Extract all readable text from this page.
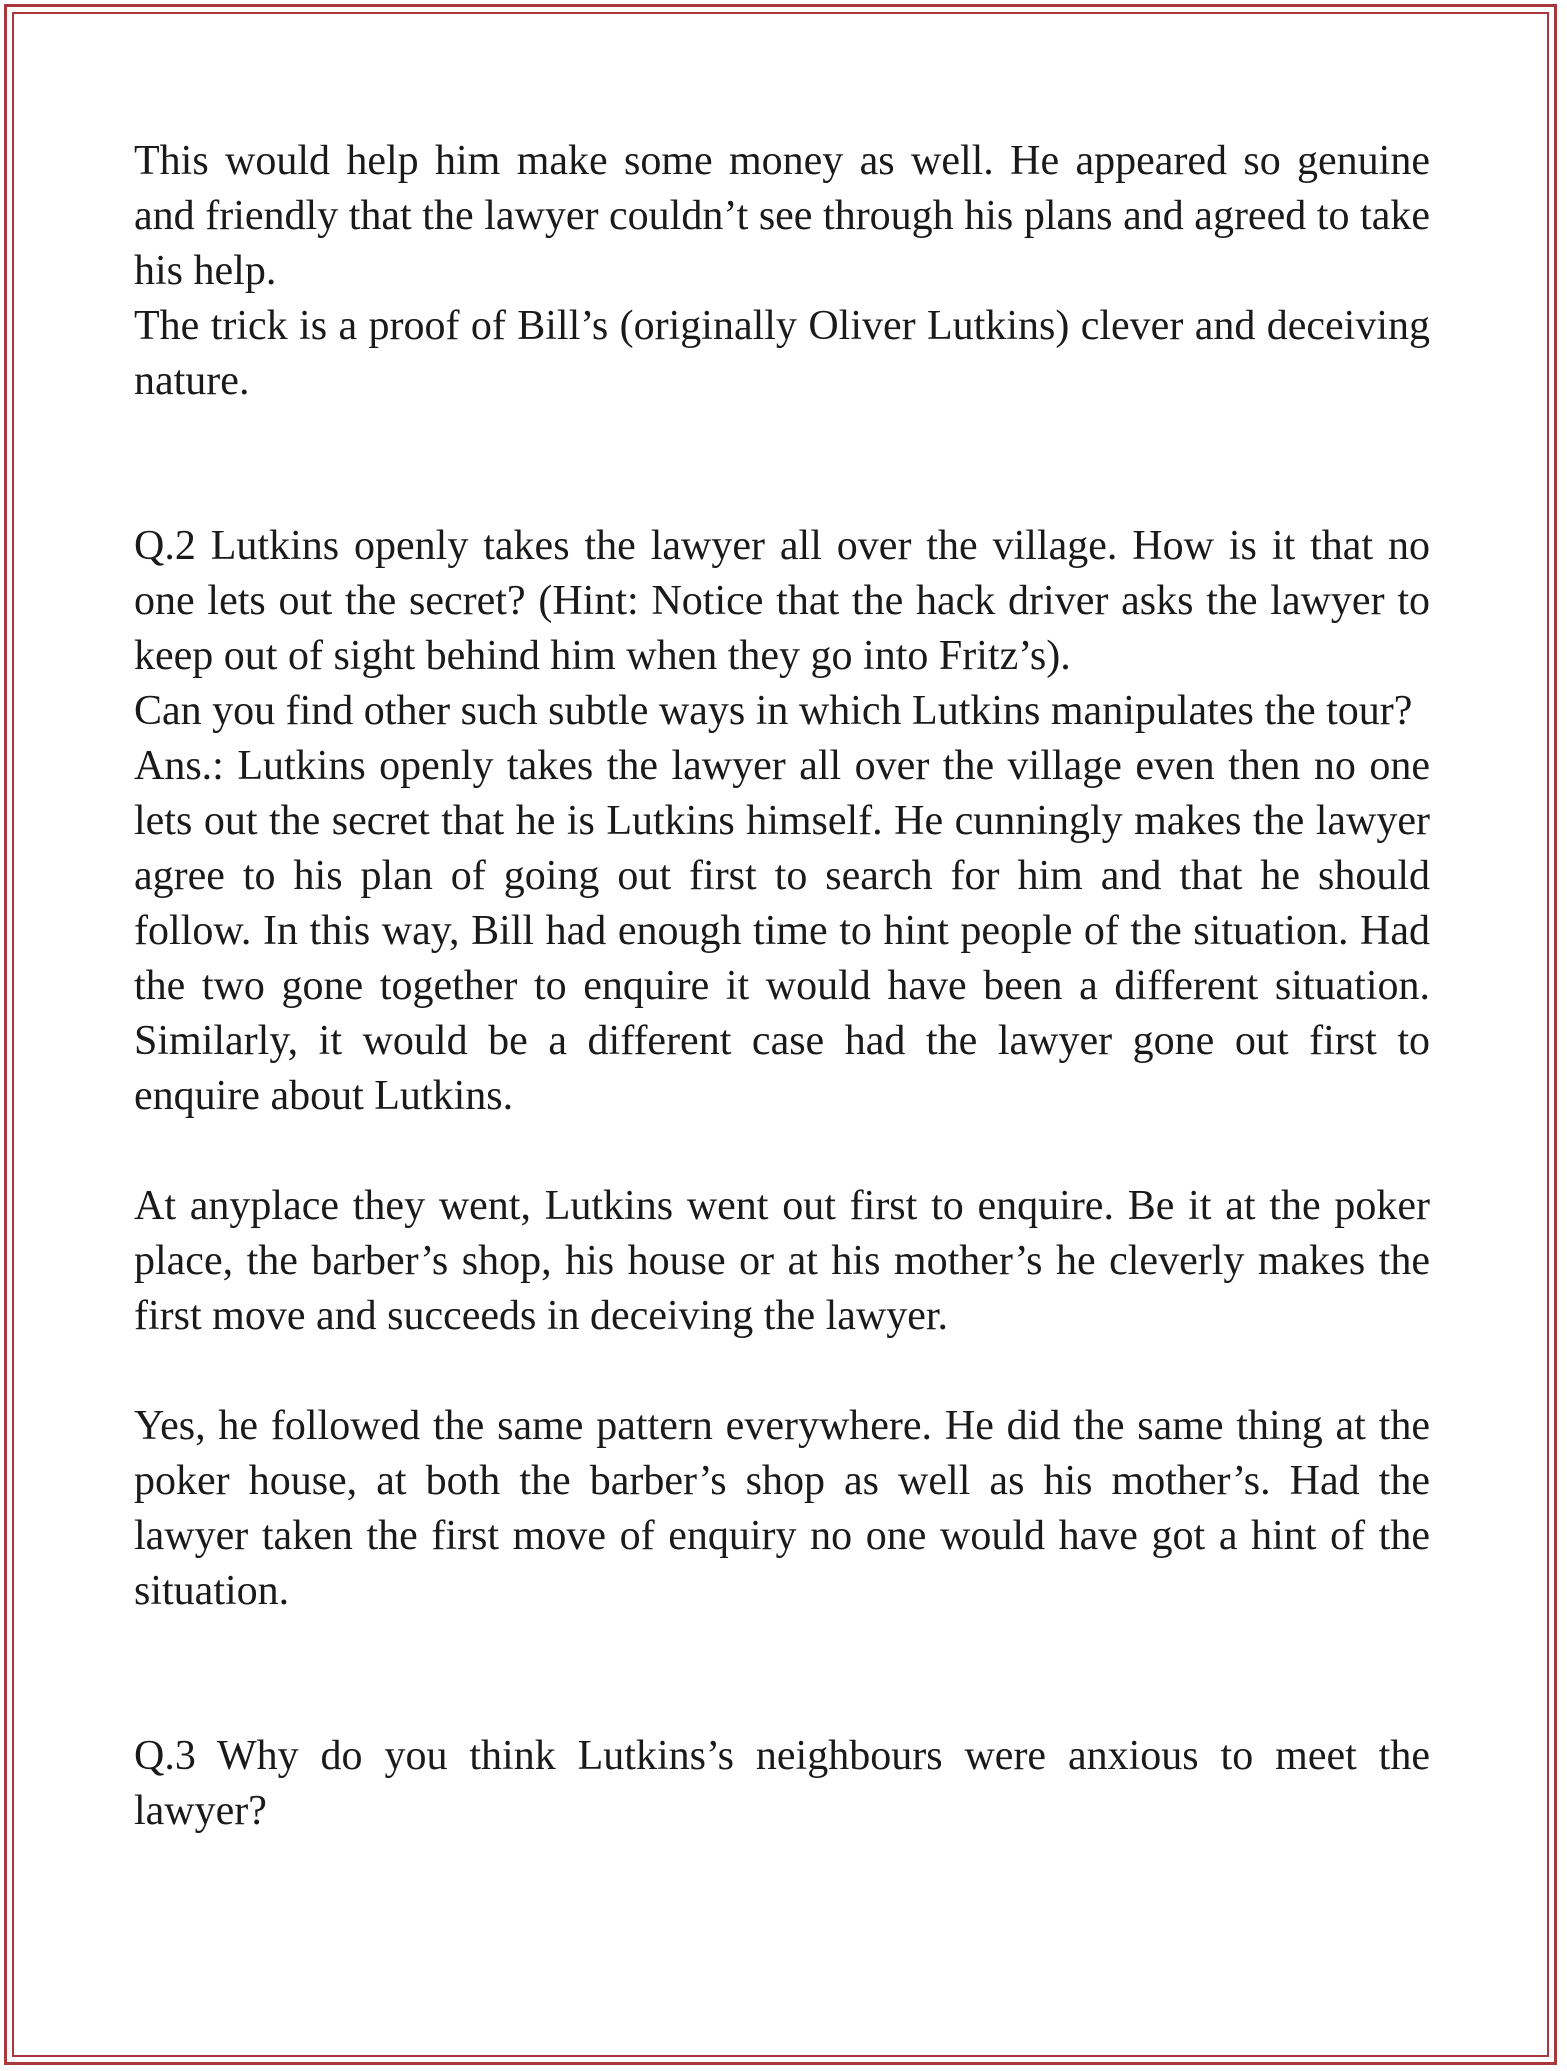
This would help him make some money as well. He appeared so genuine and friendly that the lawyer couldn’t see through his plans and agreed to take his help.

The trick is a proof of Bill’s (originally Oliver Lutkins) clever and deceiving nature.

Q.2 Lutkins openly takes the lawyer all over the village. How is it that no one lets out the secret? (Hint: Notice that the hack driver asks the lawyer to keep out of sight behind him when they go into Fritz’s).

Can you find other such subtle ways in which Lutkins manipulates the tour?

Ans.: Lutkins openly takes the lawyer all over the village even then no one lets out the secret that he is Lutkins himself. He cunningly makes the lawyer agree to his plan of going out first to search for him and that he should follow. In this way, Bill had enough time to hint people of the situation. Had the two gone together to enquire it would have been a different situation. Similarly, it would be a different case had the lawyer gone out first to enquire about Lutkins.

At anyplace they went, Lutkins went out first to enquire. Be it at the poker place, the barber’s shop, his house or at his mother’s he cleverly makes the first move and succeeds in deceiving the lawyer.

Yes, he followed the same pattern everywhere. He did the same thing at the poker house, at both the barber’s shop as well as his mother’s. Had the lawyer taken the first move of enquiry no one would have got a hint of the situation.

Q.3 Why do you think Lutkins’s neighbours were anxious to meet the lawyer?
